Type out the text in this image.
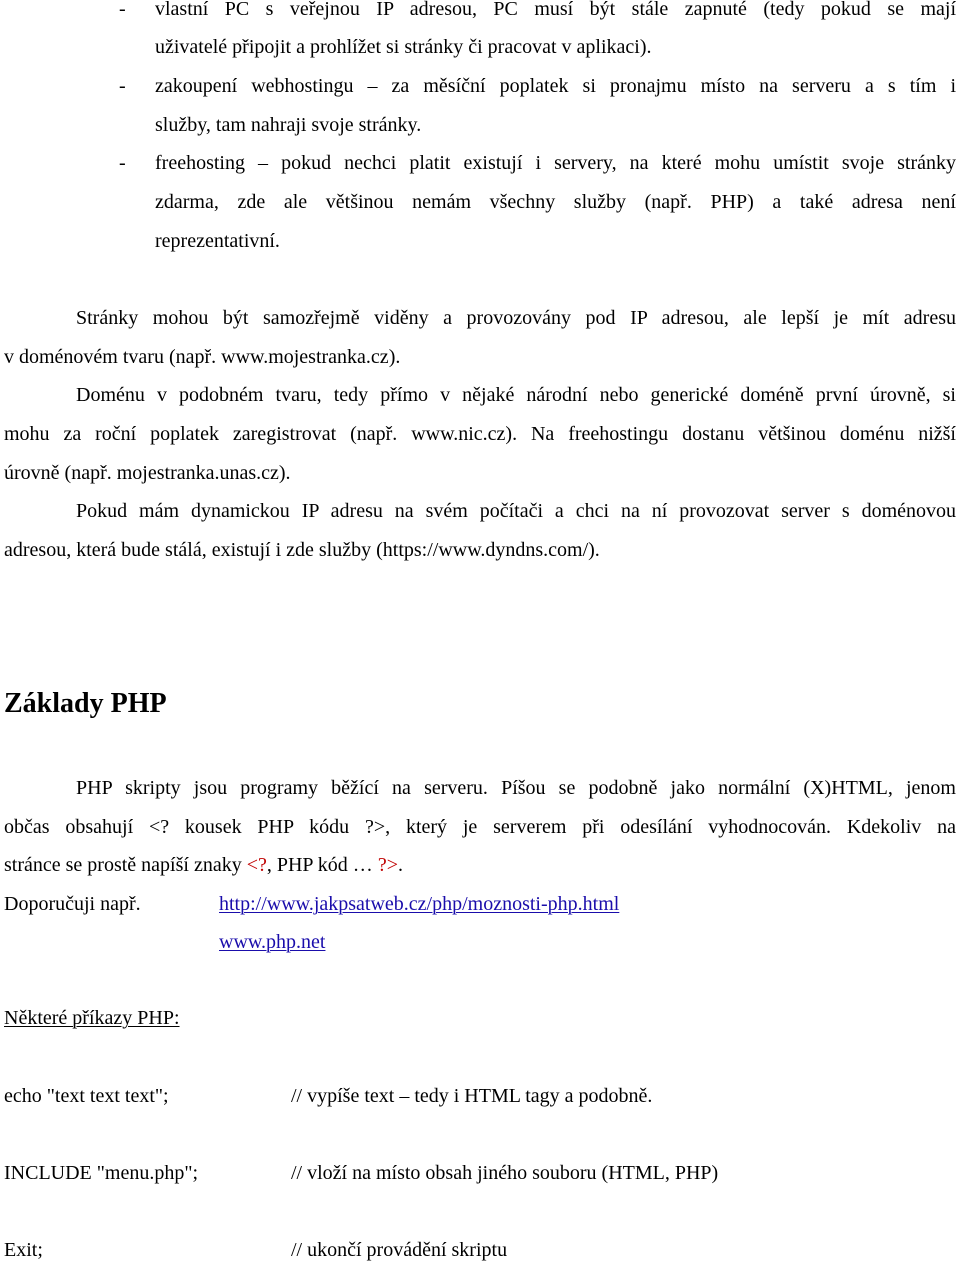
- vlastní PC s veřejnou IP adresou, PC musí být stále zapnuté (tedy pokud se mají
uživatelé připojit a prohlížet si stránky či pracovat v aplikaci).
- zakoupení webhostingu – za měsíční poplatek si pronajmu místo na serveru a s tím i
služby, tam nahraji svoje stránky.
- freehosting – pokud nechci platit existují i servery, na které mohu umístit svoje stránky
zdarma, zde ale většinou nemám všechny služby (např. PHP) a také adresa není
reprezentativní.
Stránky mohou být samozřejmě viděny a provozovány pod IP adresou, ale lepší je mít adresu
v doménovém tvaru (např. www.mojestranka.cz).
Doménu v podobném tvaru, tedy přímo v nějaké národní nebo generické doméně první úrovně, si
mohu za roční poplatek zaregistrovat (např. www.nic.cz). Na freehostingu dostanu většinou doménu nižší
úrovně (např. mojestranka.unas.cz).
Pokud mám dynamickou IP adresu na svém počítači a chci na ní provozovat server s doménovou
adresou, která bude stálá, existují i zde služby (https://www.dyndns.com/).
Základy PHP
PHP skripty jsou programy běžící na serveru. Píšou se podobně jako normální (X)HTML, jenom
občas obsahují <? kousek PHP kódu ?>, který je serverem při odesílání vyhodnocován. Kdekoliv na
stránce se prostě napíší znaky <?, PHP kód … ?>.
Doporučuji např.	http://www.jakpsatweb.cz/php/moznosti-php.html
www.php.net
Některé příkazy PHP:
echo "text text text";	// vypíše text – tedy i HTML tagy a podobně.
INCLUDE "menu.php";	// vloží na místo obsah jiného souboru (HTML, PHP)
Exit;	// ukončí provádění skriptu
